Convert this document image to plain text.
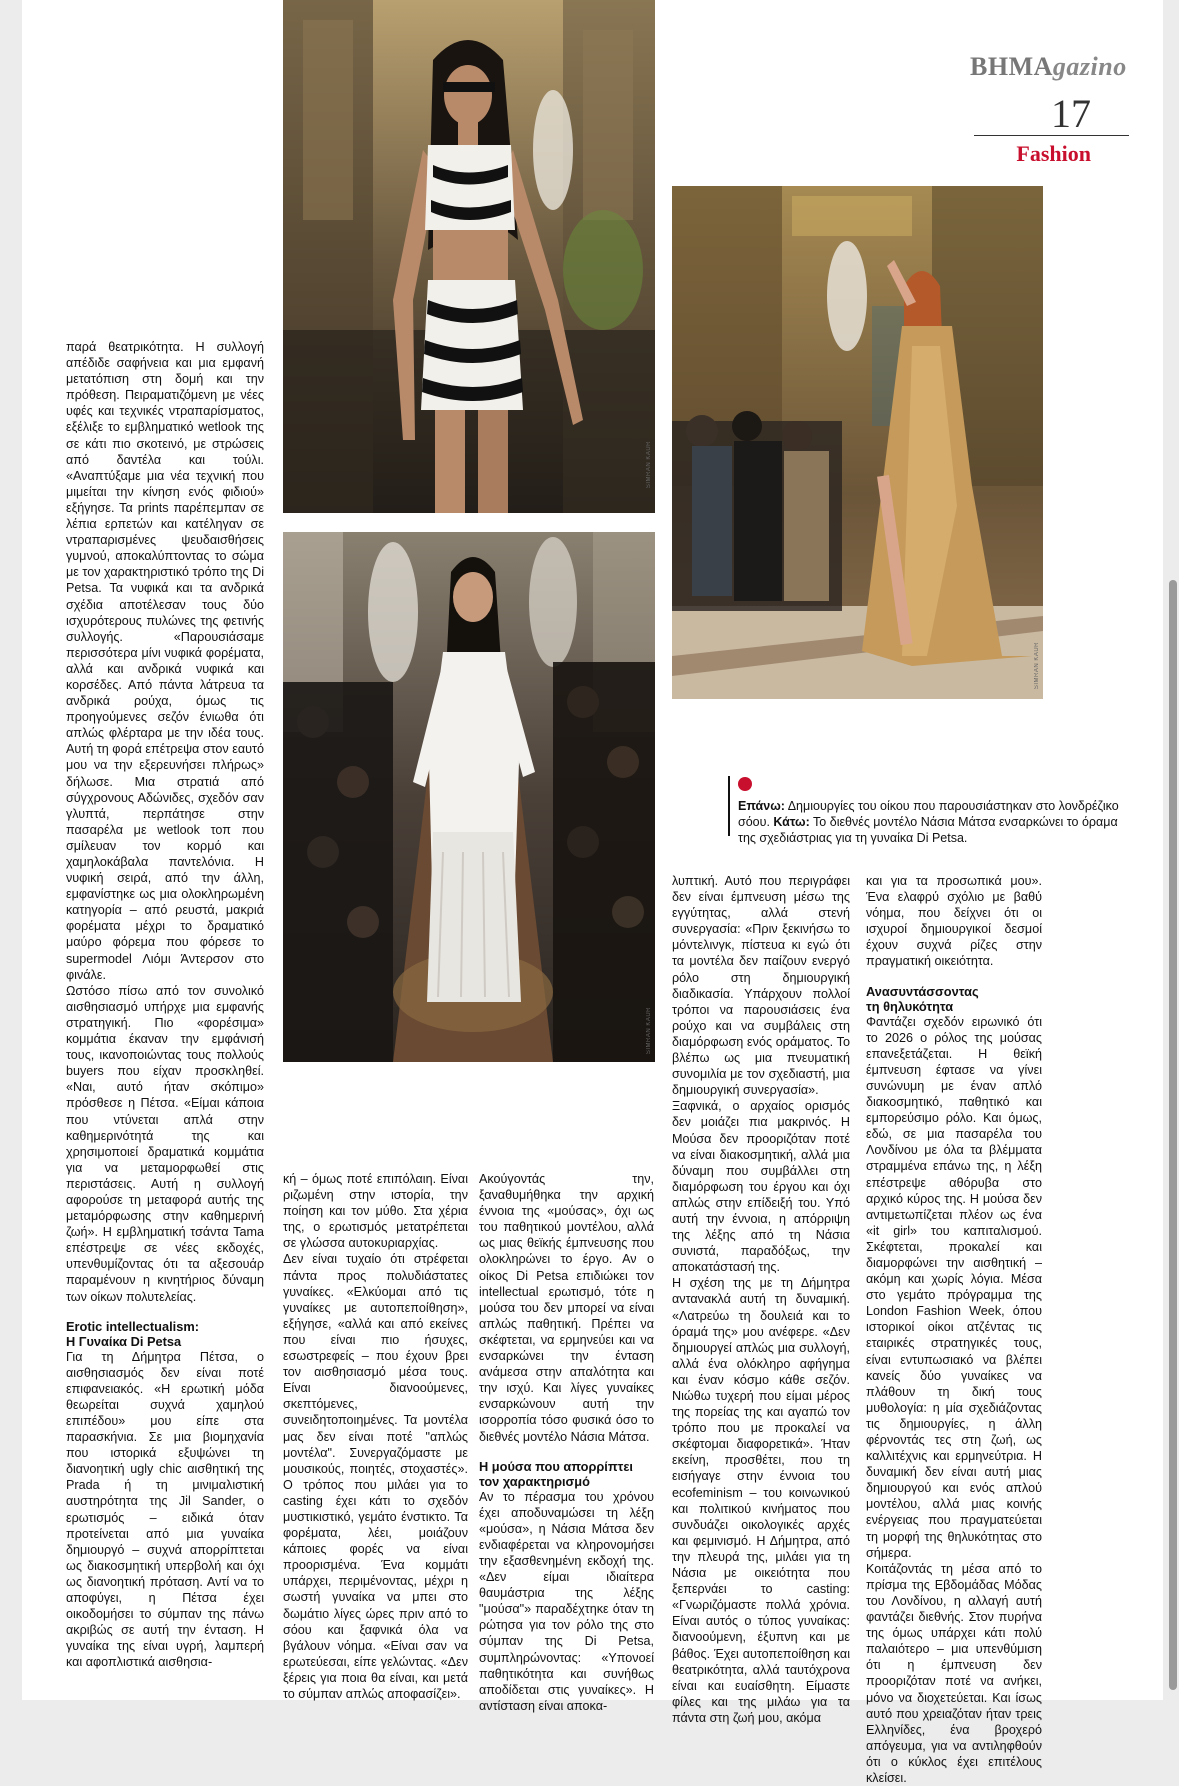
BHMAgazino
17
Fashion
SIMRAN KAUR
SIMRAN KAUR
SIMRAN KAUR
Επάνω: Δημιουργίες του οίκου που παρουσιάστηκαν στο λονδρέζικο σόου. Κάτω: Το διεθνές μοντέλο Νάσια Μάτσα ενσαρκώνει το όραμα της σχεδιάστριας για τη γυναίκα Di Petsa.

παρά θεατρικότητα. Η συλλογή απέδιδε σαφήνεια και μια εμφανή μετατόπιση στη δομή και την πρόθεση. Πειραματιζόμενη με νέες υφές και τεχνικές ντραπαρίσματος, εξέλιξε το εμβληματικό wetlook της σε κάτι πιο σκοτεινό, με στρώσεις από δαντέλα και τούλι. «Αναπτύξαμε μια νέα τεχνική που μιμείται την κίνηση ενός φιδιού» εξήγησε. Τα prints παρέπεμπαν σε λέπια ερπετών και κατέληγαν σε ντραπαρισμένες ψευδαισθήσεις γυμνού, αποκαλύπτοντας το σώμα με τον χαρακτηριστικό τρόπο της Di Petsa. Τα νυφικά και τα ανδρικά σχέδια αποτέλεσαν τους δύο ισχυρότερους πυλώνες της φετινής συλλογής. «Παρουσιάσαμε περισσότερα μίνι νυφικά φορέματα, αλλά και ανδρικά νυφικά και κορσέδες. Από πάντα λάτρευα τα ανδρικά ρούχα, όμως τις προηγούμενες σεζόν ένιωθα ότι απλώς φλέρταρα με την ιδέα τους. Αυτή τη φορά επέτρεψα στον εαυτό μου να την εξερευνήσει πλήρως» δήλωσε. Μια στρατιά από σύγχρονους Αδώνιδες, σχεδόν σαν γλυπτά, περπάτησε στην πασαρέλα με wetlook τοπ που σμίλευαν τον κορμό και χαμηλοκάβαλα παντελόνια. Η νυφική σειρά, από την άλλη, εμφανίστηκε ως μια ολοκληρωμένη κατηγορία – από ρευστά, μακριά φορέματα μέχρι το δραματικό μαύρο φόρεμα που φόρεσε το supermodel Λιόμι Άντερσον στο φινάλε.

Ωστόσο πίσω από τον συνολικό αισθησιασμό υπήρχε μια εμφανής στρατηγική. Πιο «φορέσιμα» κομμάτια έκαναν την εμφάνισή τους, ικανοποιώντας τους πολλούς buyers που είχαν προσκληθεί. «Ναι, αυτό ήταν σκόπιμο» πρόσθεσε η Πέτσα. «Είμαι κάποια που ντύνεται απλά στην καθημερινότητά της και χρησιμοποιεί δραματικά κομμάτια για να μεταμορφωθεί στις περιστάσεις. Αυτή η συλλογή αφορούσε τη μεταφορά αυτής της μεταμόρφωσης στην καθημερινή ζωή». Η εμβληματική τσάντα Tama επέστρεψε σε νέες εκδοχές, υπενθυμίζοντας ότι τα αξεσουάρ παραμένουν η κινητήριος δύναμη των οίκων πολυτελείας.

Erotic intellectualism:
Η Γυναίκα Di Petsa

Για τη Δήμητρα Πέτσα, ο αισθησιασμός δεν είναι ποτέ επιφανειακός. «Η ερωτική μόδα θεωρείται συχνά χαμηλού επιπέδου» μου είπε στα παρασκήνια. Σε μια βιομηχανία που ιστορικά εξυψώνει τη διανοητική ugly chic αισθητική της Prada ή τη μινιμαλιστική αυστηρότητα της Jil Sander, ο ερωτισμός – ειδικά όταν προτείνεται από μια γυναίκα δημιουργό – συχνά απορρίπτεται ως διακοσμητική υπερβολή και όχι ως διανοητική πρόταση. Αντί να το αποφύγει, η Πέτσα έχει οικοδομήσει το σύμπαν της πάνω ακριβώς σε αυτή την ένταση. Η γυναίκα της είναι υγρή, λαμπερή και αφοπλιστικά αισθησια-

κή – όμως ποτέ επιπόλαιη. Είναι ριζωμένη στην ιστορία, την ποίηση και τον μύθο. Στα χέρια της, ο ερωτισμός μετατρέπεται σε γλώσσα αυτοκυριαρχίας.

Δεν είναι τυχαίο ότι στρέφεται πάντα προς πολυδιάστατες γυναίκες. «Ελκύομαι από τις γυναίκες με αυτοπεποίθηση», εξήγησε, «αλλά και από εκείνες που είναι πιο ήσυχες, εσωστρεφείς – που έχουν βρει τον αισθησιασμό μέσα τους. Είναι διανοούμενες, σκεπτόμενες, συνειδητοποιημένες. Τα μοντέλα μας δεν είναι ποτέ "απλώς μοντέλα". Συνεργαζόμαστε με μουσικούς, ποιητές, στοχαστές». Ο τρόπος που μιλάει για το casting έχει κάτι το σχεδόν μυστικιστικό, γεμάτο ένστικτο. Τα φορέματα, λέει, μοιάζουν κάποιες φορές να είναι προορισμένα. Ένα κομμάτι υπάρχει, περιμένοντας, μέχρι η σωστή γυναίκα να μπει στο δωμάτιο λίγες ώρες πριν από το σόου και ξαφνικά όλα να βγάλουν νόημα. «Είναι σαν να ερωτεύεσαι, είπε γελώντας. «Δεν ξέρεις για ποια θα είναι, και μετά το σύμπαν απλώς αποφασίζει».

Ακούγοντάς την, ξαναθυμήθηκα την αρχική έννοια της «μούσας», όχι ως του παθητικού μοντέλου, αλλά ως μιας θεϊκής έμπνευσης που ολοκληρώνει το έργο. Αν ο οίκος Di Petsa επιδιώκει τον intellectual ερωτισμό, τότε η μούσα του δεν μπορεί να είναι απλώς παθητική. Πρέπει να σκέφτεται, να ερμηνεύει και να ενσαρκώνει την ένταση ανάμεσα στην απαλότητα και την ισχύ. Και λίγες γυναίκες ενσαρκώνουν αυτή την ισορροπία τόσο φυσικά όσο το διεθνές μοντέλο Νάσια Μάτσα.

Η μούσα που απορρίπτει
τον χαρακτηρισμό

Αν το πέρασμα του χρόνου έχει αποδυναμώσει τη λέξη «μούσα», η Νάσια Μάτσα δεν ενδιαφέρεται να κληρονομήσει την εξασθενημένη εκδοχή της. «Δεν είμαι ιδιαίτερα θαυμάστρια της λέξης "μούσα"» παραδέχτηκε όταν τη ρώτησα για τον ρόλο της στο σύμπαν της Di Petsa, συμπληρώνοντας: «Υπονοεί παθητικότητα και συνήθως αποδίδεται στις γυναίκες». Η αντίσταση είναι αποκα-

λυπτική. Αυτό που περιγράφει δεν είναι έμπνευση μέσω της εγγύτητας, αλλά στενή συνεργασία: «Πριν ξεκινήσω το μόντελινγκ, πίστευα κι εγώ ότι τα μοντέλα δεν παίζουν ενεργό ρόλο στη δημιουργική διαδικασία. Υπάρχουν πολλοί τρόποι να παρουσιάσεις ένα ρούχο και να συμβάλεις στη διαμόρφωση ενός οράματος. Το βλέπω ως μια πνευματική συνομιλία με τον σχεδιαστή, μια δημιουργική συνεργασία».

Ξαφνικά, ο αρχαίος ορισμός δεν μοιάζει πια μακρινός. Η Μούσα δεν προοριζόταν ποτέ να είναι διακοσμητική, αλλά μια δύναμη που συμβάλλει στη διαμόρφωση του έργου και όχι απλώς στην επίδειξή του. Υπό αυτή την έννοια, η απόρριψη της λέξης από τη Νάσια συνιστά, παραδόξως, την αποκατάστασή της.

Η σχέση της με τη Δήμητρα αντανακλά αυτή τη δυναμική. «Λατρεύω τη δουλειά και το όραμά της» μου ανέφερε. «Δεν δημιουργεί απλώς μια συλλογή, αλλά ένα ολόκληρο αφήγημα και έναν κόσμο κάθε σεζόν. Νιώθω τυχερή που είμαι μέρος της πορείας της και αγαπώ τον τρόπο που με προκαλεί να σκέφτομαι διαφορετικά». Ήταν εκείνη, προσθέτει, που τη εισήγαγε στην έννοια του ecofeminism – του κοινωνικού και πολιτικού κινήματος που συνδυάζει οικολογικές αρχές και φεμινισμό. Η Δήμητρα, από την πλευρά της, μιλάει για τη Νάσια με οικειότητα που ξεπερνάει το casting: «Γνωριζόμαστε πολλά χρόνια. Είναι αυτός ο τύπος γυναίκας: διανοούμενη, έξυπνη και με βάθος. Έχει αυτοπεποίθηση και θεατρικότητα, αλλά ταυτόχρονα είναι και ευαίσθητη. Είμαστε φίλες και της μιλάω για τα πάντα στη ζωή μου, ακόμα

και για τα προσωπικά μου». Ένα ελαφρύ σχόλιο με βαθύ νόημα, που δείχνει ότι οι ισχυροί δημιουργικοί δεσμοί έχουν συχνά ρίζες στην πραγματική οικειότητα.

Ανασυντάσσοντας
τη θηλυκότητα

Φαντάζει σχεδόν ειρωνικό ότι το 2026 ο ρόλος της μούσας επανεξετάζεται. Η θεϊκή έμπνευση έφτασε να γίνει συνώνυμη με έναν απλό διακοσμητικό, παθητικό και εμπορεύσιμο ρόλο. Και όμως, εδώ, σε μια πασαρέλα του Λονδίνου με όλα τα βλέμματα στραμμένα επάνω της, η λέξη επέστρεψε αθόρυβα στο αρχικό κύρος της. Η μούσα δεν αντιμετωπίζεται πλέον ως ένα «it girl» του καπιταλισμού. Σκέφτεται, προκαλεί και διαμορφώνει την αισθητική – ακόμη και χωρίς λόγια. Μέσα στο γεμάτο πρόγραμμα της London Fashion Week, όπου ιστορικοί οίκοι ατζέντας τις εταιρικές στρατηγικές τους, είναι εντυπωσιακό να βλέπει κανείς δύο γυναίκες να πλάθουν τη δική τους μυθολογία: η μία σχεδιάζοντας τις δημιουργίες, η άλλη φέρνοντάς τες στη ζωή, ως καλλιτέχνις και ερμηνεύτρια. Η δυναμική δεν είναι αυτή μιας δημιουργού και ενός απλού μοντέλου, αλλά μιας κοινής ενέργειας που πραγματεύεται τη μορφή της θηλυκότητας στο σήμερα.

Κοιτάζοντάς τη μέσα από το πρίσμα της Εβδομάδας Μόδας του Λονδίνου, η αλλαγή αυτή φαντάζει διεθνής. Στον πυρήνα της όμως υπάρχει κάτι πολύ παλαιότερο – μια υπενθύμιση ότι η έμπνευση δεν προοριζόταν ποτέ να ανήκει, μόνο να διοχετεύεται. Και ίσως αυτό που χρειαζόταν ήταν τρεις Ελληνίδες, ένα βροχερό απόγευμα, για να αντιληφθούν ότι ο κύκλος έχει επιτέλους κλείσει.
